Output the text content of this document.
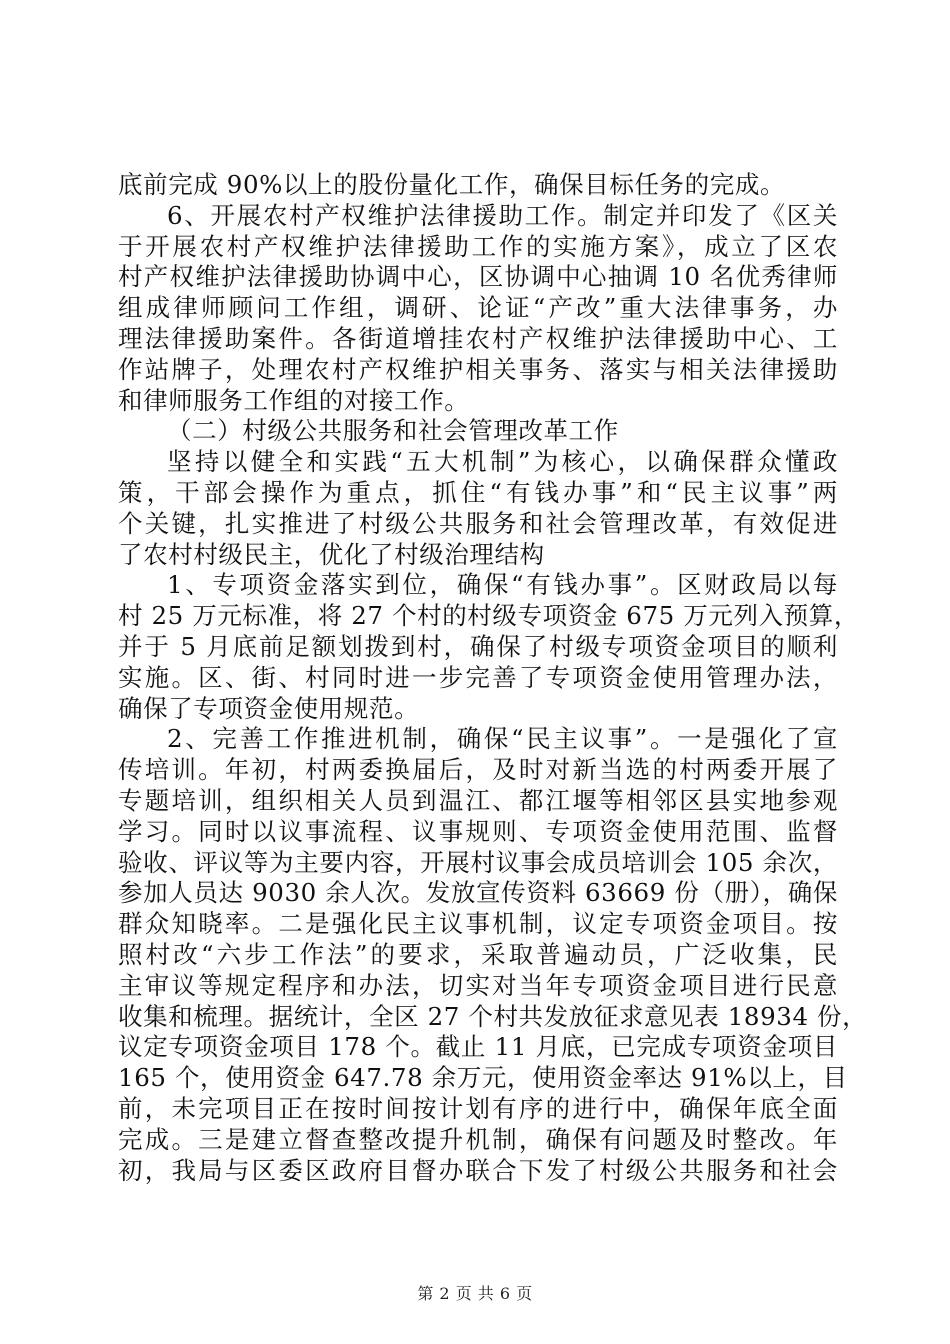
底前完成 90%以上的股份量化工作，确保目标任务的完成。
6、开展农村产权维护法律援助工作。制定并印发了《区关
于开展农村产权维护法律援助工作的实施方案》，成立了区农
村产权维护法律援助协调中心，区协调中心抽调 10 名优秀律师
组成律师顾问工作组，调研、论证“产改”重大法律事务，办
理法律援助案件。各街道增挂农村产权维护法律援助中心、工
作站牌子，处理农村产权维护相关事务、落实与相关法律援助
和律师服务工作组的对接工作。
（二）村级公共服务和社会管理改革工作
坚持以健全和实践“五大机制”为核心，以确保群众懂政
策，干部会操作为重点，抓住“有钱办事”和“民主议事”两
个关键，扎实推进了村级公共服务和社会管理改革，有效促进
了农村村级民主，优化了村级治理结构
1、专项资金落实到位，确保“有钱办事”。区财政局以每
村 25 万元标准，将 27 个村的村级专项资金 675 万元列入预算，
并于 5 月底前足额划拨到村，确保了村级专项资金项目的顺利
实施。区、街、村同时进一步完善了专项资金使用管理办法，
确保了专项资金使用规范。
2、完善工作推进机制，确保“民主议事”。一是强化了宣
传培训。年初，村两委换届后，及时对新当选的村两委开展了
专题培训，组织相关人员到温江、都江堰等相邻区县实地参观
学习。同时以议事流程、议事规则、专项资金使用范围、监督
验收、评议等为主要内容，开展村议事会成员培训会 105 余次，
参加人员达 9030 余人次。发放宣传资料 63669 份（册），确保
群众知晓率。二是强化民主议事机制，议定专项资金项目。按
照村改“六步工作法”的要求，采取普遍动员，广泛收集，民
主审议等规定程序和办法，切实对当年专项资金项目进行民意
收集和梳理。据统计，全区 27 个村共发放征求意见表 18934 份，
议定专项资金项目 178 个。截止 11 月底，已完成专项资金项目
165 个，使用资金 647.78 余万元，使用资金率达 91%以上，目
前，未完项目正在按时间按计划有序的进行中，确保年底全面
完成。三是建立督查整改提升机制，确保有问题及时整改。年
初，我局与区委区政府目督办联合下发了村级公共服务和社会
第 2 页 共 6 页
